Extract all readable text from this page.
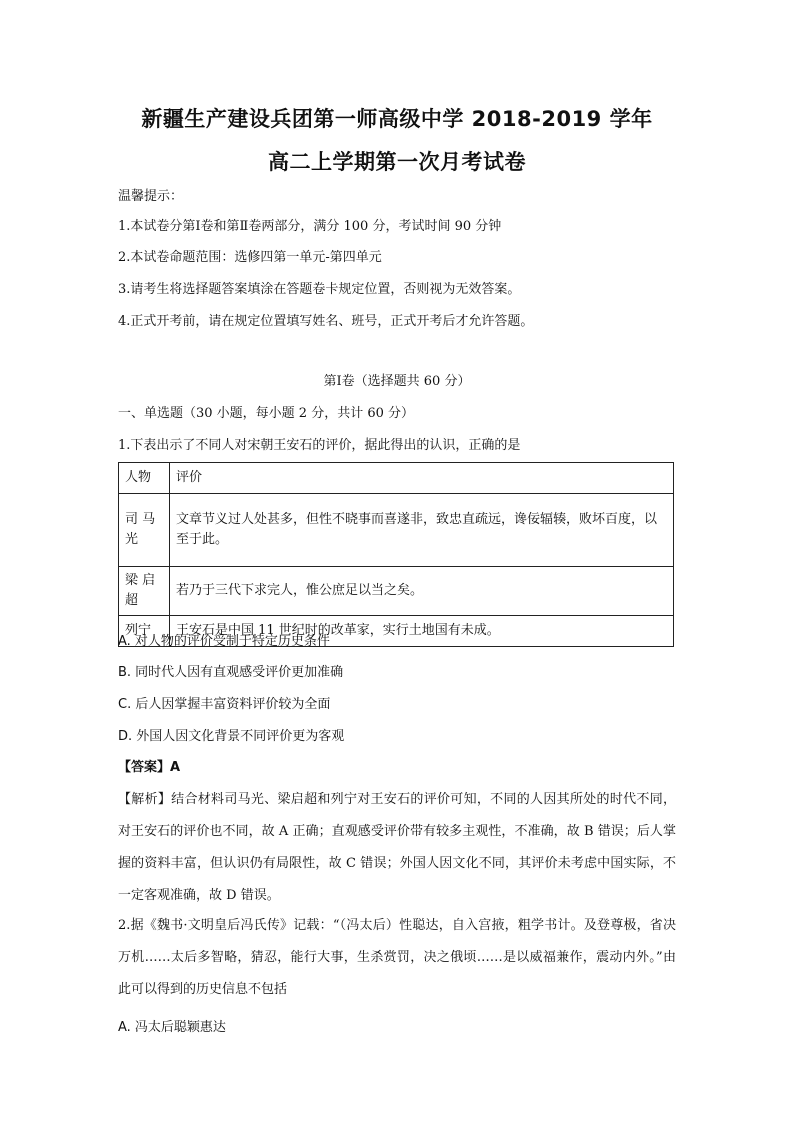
新疆生产建设兵团第一师高级中学 2018-2019 学年
高二上学期第一次月考试卷
温馨提示：
1.本试卷分第Ⅰ卷和第Ⅱ卷两部分，满分 100 分，考试时间 90 分钟
2.本试卷命题范围：选修四第一单元-第四单元
3.请考生将选择题答案填涂在答题卷卡规定位置，否则视为无效答案。
4.正式开考前，请在规定位置填写姓名、班号，正式开考后才允许答题。
第Ⅰ卷（选择题共 60 分）
一、单选题（30 小题，每小题 2 分，共计 60 分）
1.下表出示了不同人对宋朝王安石的评价，据此得出的认识，正确的是
人物	评价
司 马 光	文章节义过人处甚多，但性不晓事而喜遂非，致忠直疏远，谗佞辐辏，败坏百度，以至于此。
梁 启 超	若乃于三代下求完人，惟公庶足以当之矣。
列宁	王安石是中国 11 世纪时的改革家，实行土地国有未成。
A. 对人物的评价受制于特定历史条件
B. 同时代人因有直观感受评价更加准确
C. 后人因掌握丰富资料评价较为全面
D. 外国人因文化背景不同评价更为客观
【答案】A
【解析】结合材料司马光、梁启超和列宁对王安石的评价可知，不同的人因其所处的时代不同，对王安石的评价也不同，故 A 正确；直观感受评价带有较多主观性，不准确，故 B 错误；后人掌握的资料丰富，但认识仍有局限性，故 C 错误；外国人因文化不同，其评价未考虑中国实际，不一定客观准确，故 D 错误。
2.据《魏书·文明皇后冯氏传》记载：“（冯太后）性聪达，自入宫掖，粗学书计。及登尊极，省决万机……太后多智略，猜忍，能行大事，生杀赏罚，决之俄顷……是以威福兼作，震动内外。”由此可以得到的历史信息不包括
A. 冯太后聪颖惠达
